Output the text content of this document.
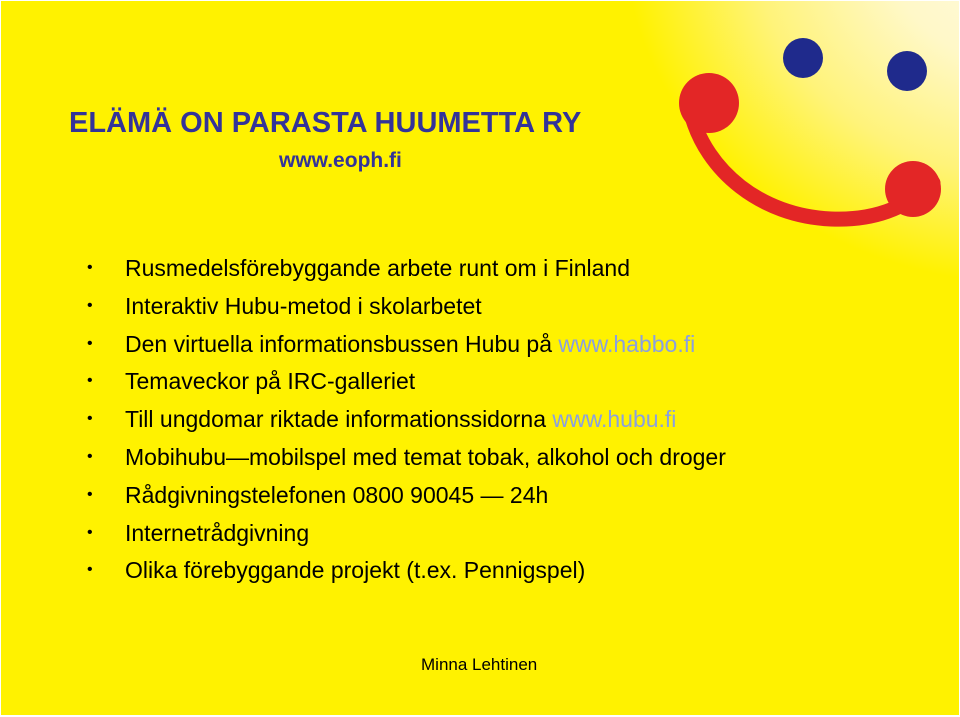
ELÄMÄ ON PARASTA HUUMETTA RY
www.eoph.fi
• Rusmedelsförebyggande arbete runt om i Finland
• Interaktiv Hubu-metod i skolarbetet
• Den virtuella informationsbussen Hubu på www.habbo.fi
• Temaveckor på IRC-galleriet
• Till ungdomar riktade informationssidorna www.hubu.fi
• Mobihubu—mobilspel med temat tobak, alkohol och droger
• Rådgivningstelefonen 0800 90045 — 24h
• Internetrådgivning
• Olika förebyggande projekt (t.ex. Pennigspel)
Minna Lehtinen
